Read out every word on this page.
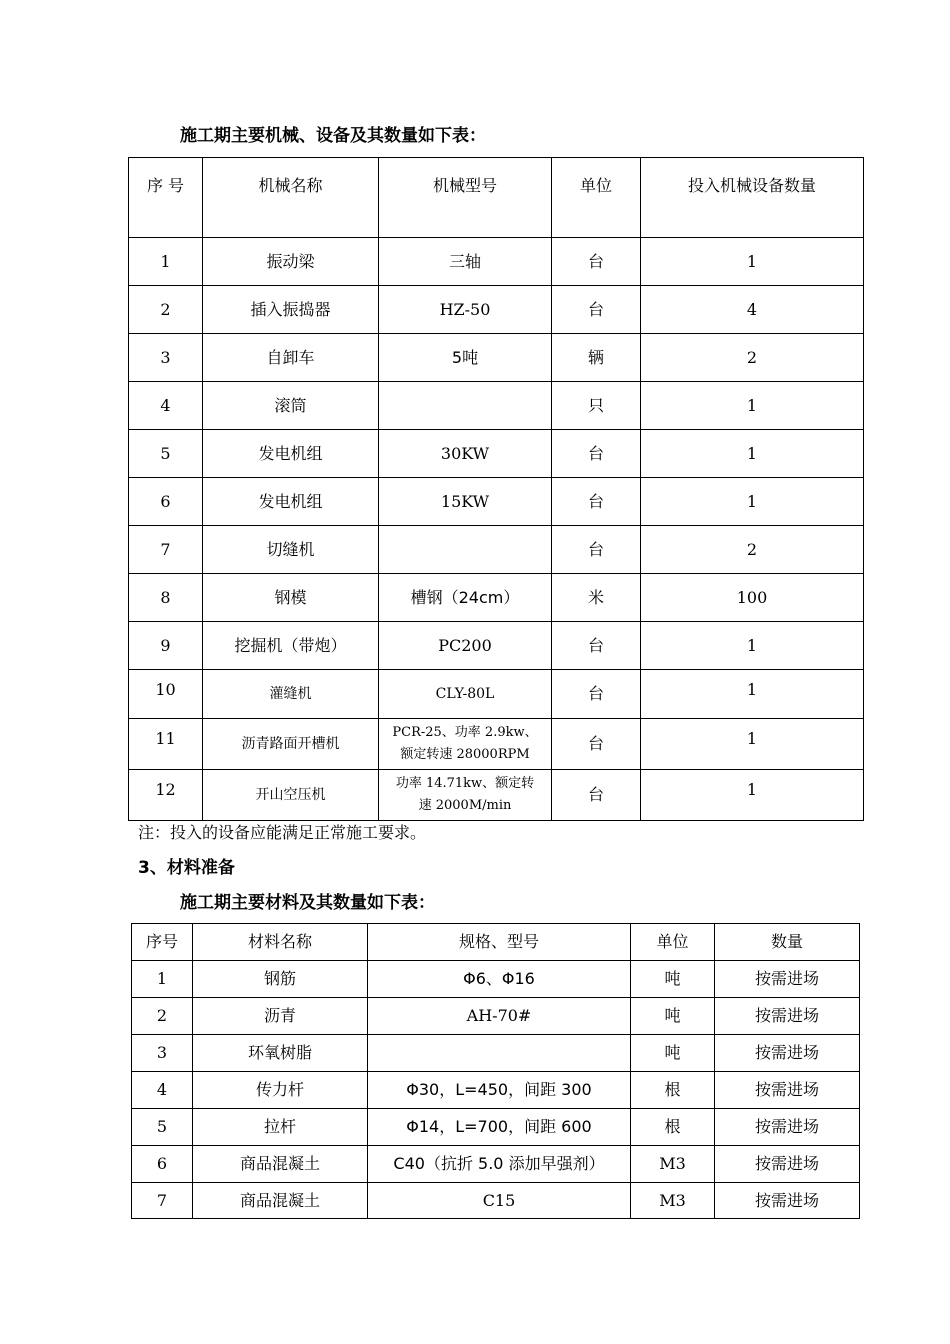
施工期主要机械、设备及其数量如下表：
序 号	机械名称	机械型号	单位	投入机械设备数量
1	振动梁	三轴	台	1
2	插入振捣器	HZ-50	台	4
3	自卸车	5吨	辆	2
4	滚筒		只	1
5	发电机组	30KW	台	1
6	发电机组	15KW	台	1
7	切缝机		台	2
8	钢模	槽钢（24cm）	米	100
9	挖掘机（带炮）	PC200	台	1
10	灌缝机	CLY-80L	台	1
11	沥青路面开槽机	PCR-25、功率 2.9kw、
额定转速 28000RPM	台	1
12	开山空压机	功率 14.71kw、额定转
速 2000M/min	台	1
注：投入的设备应能满足正常施工要求。
3、材料准备
施工期主要材料及其数量如下表：
序号	材料名称	规格、型号	单位	数量
1	钢筋	Φ6、Φ16	吨	按需进场
2	沥青	AH-70#	吨	按需进场
3	环氧树脂		吨	按需进场
4	传力杆	Φ30，L=450，间距 300	根	按需进场
5	拉杆	Φ14，L=700，间距 600	根	按需进场
6	商品混凝土	C40（抗折 5.0 添加早强剂）	M3	按需进场
7	商品混凝土	C15	M3	按需进场
